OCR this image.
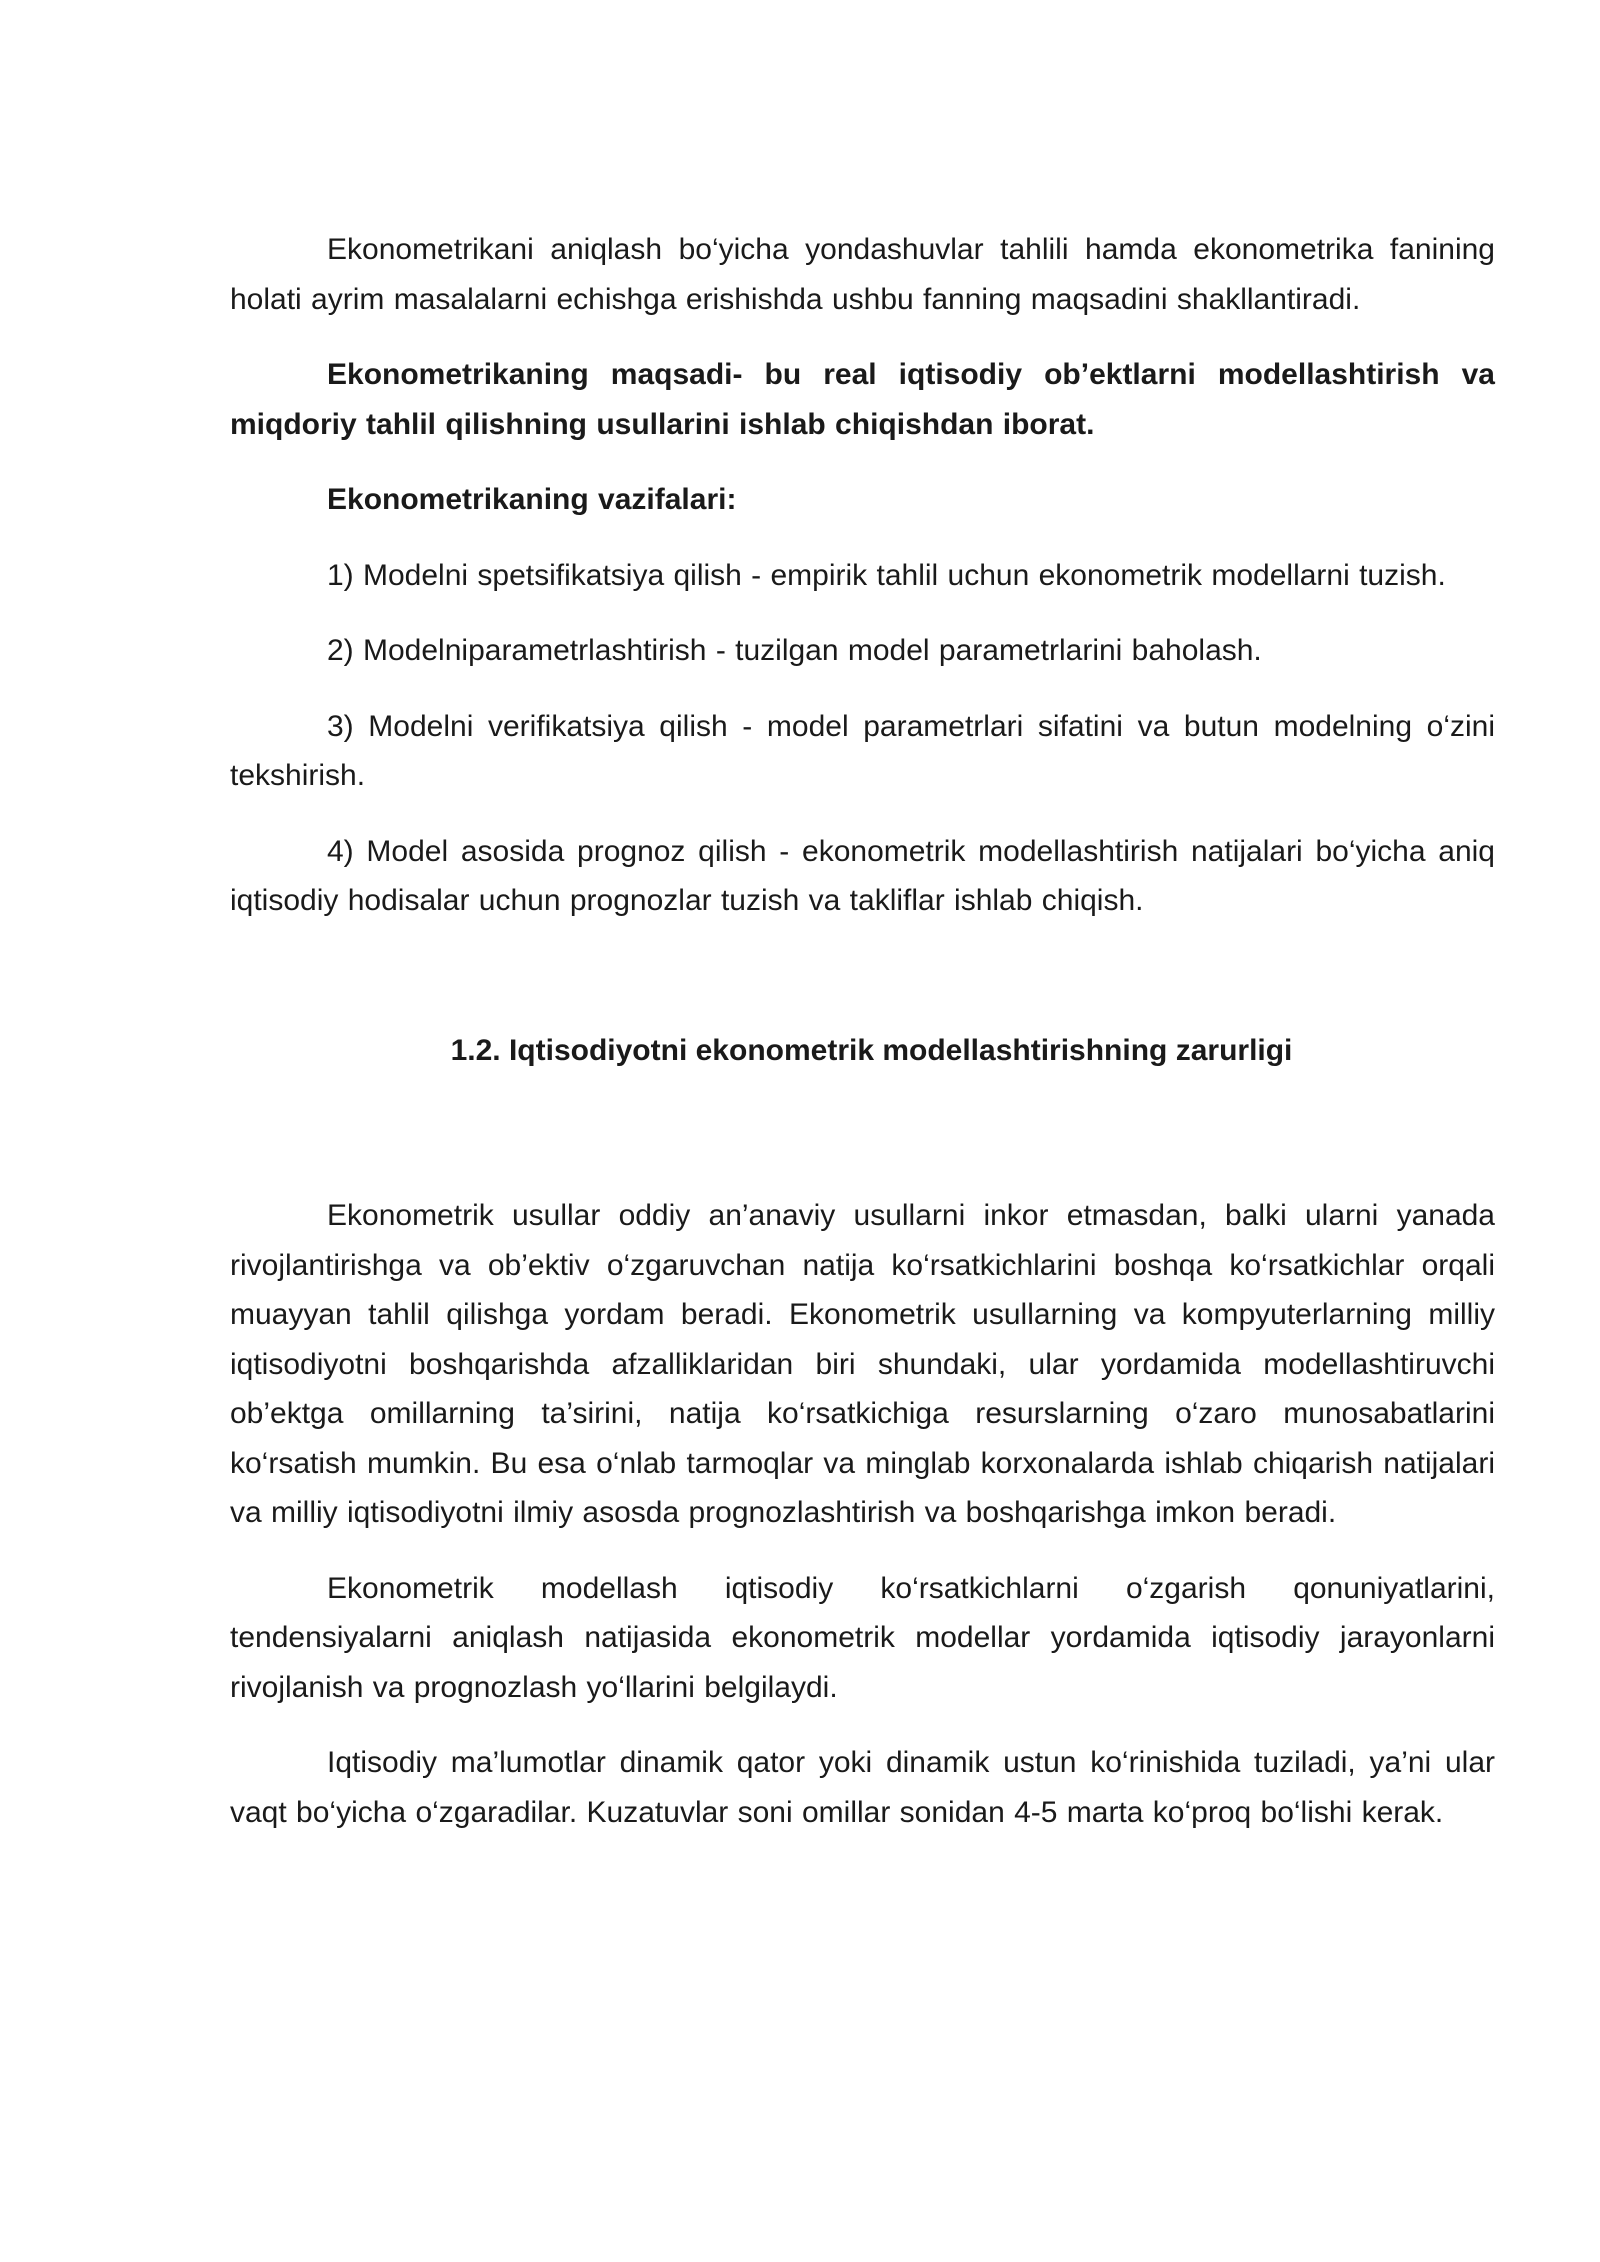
Ekonometrikani aniqlash bo‘yicha yondashuvlar tahlili hamda ekonometrika fanining holati ayrim masalalarni echishga erishishda ushbu fanning maqsadini shakllantiradi.

Ekonometrikaning maqsadi- bu real iqtisodiy ob’ektlarni modellashtirish va miqdoriy tahlil qilishning usullarini ishlab chiqishdan iborat.

Ekonometrikaning vazifalari:

1) Modelni spetsifikatsiya qilish - empirik tahlil uchun ekonometrik modellarni tuzish.

2) Modelniparametrlashtirish - tuzilgan model parametrlarini baholash.

3) Modelni verifikatsiya qilish - model parametrlari sifatini va butun modelning o‘zini tekshirish.

4) Model asosida prognoz qilish - ekonometrik modellashtirish natijalari bo‘yicha aniq iqtisodiy hodisalar uchun prognozlar tuzish va takliflar ishlab chiqish.

1.2. Iqtisodiyotni ekonometrik modellashtirishning zarurligi

Ekonometrik usullar oddiy an’anaviy usullarni inkor etmasdan, balki ularni yanada rivojlantirishga va ob’ektiv o‘zgaruvchan natija ko‘rsatkichlarini boshqa ko‘rsatkichlar orqali muayyan tahlil qilishga yordam beradi. Ekonometrik usullarning va kompyuterlarning milliy iqtisodiyotni boshqarishda afzalliklaridan biri shundaki, ular yordamida modellashtiruvchi ob’ektga omillarning ta’sirini, natija ko‘rsatkichiga resurslarning o‘zaro munosabatlarini ko‘rsatish mumkin. Bu esa o‘nlab tarmoqlar va minglab korxonalarda ishlab chiqarish natijalari va milliy iqtisodiyotni ilmiy asosda prognozlashtirish va boshqarishga imkon beradi.

Ekonometrik modellash iqtisodiy ko‘rsatkichlarni o‘zgarish qonuniyatlarini, tendensiyalarni aniqlash natijasida ekonometrik modellar yordamida iqtisodiy jarayonlarni rivojlanish va prognozlash yo‘llarini belgilaydi.

Iqtisodiy ma’lumotlar dinamik qator yoki dinamik ustun ko‘rinishida tuziladi, ya’ni ular vaqt bo‘yicha o‘zgaradilar. Kuzatuvlar soni omillar sonidan 4-5 marta ko‘proq bo‘lishi kerak.
